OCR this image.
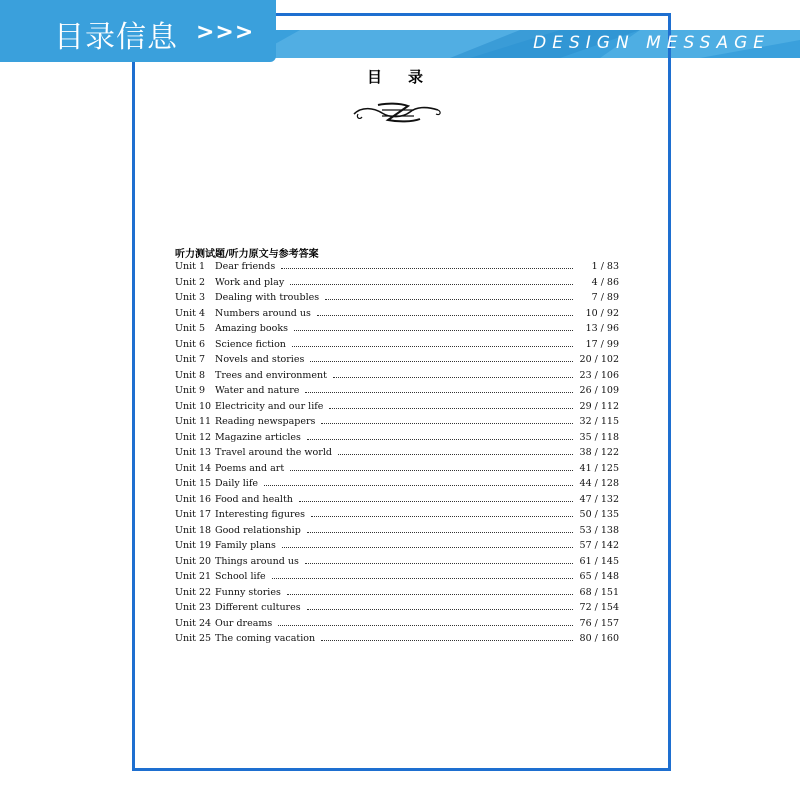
目录信息 >>>	DESIGN MESSAGE
目录
听力测试题/听力原文与参考答案
Unit 1	Dear friends	1 / 83
Unit 2	Work and play	4 / 86
Unit 3	Dealing with troubles	7 / 89
Unit 4	Numbers around us	10 / 92
Unit 5	Amazing books	13 / 96
Unit 6	Science fiction	17 / 99
Unit 7	Novels and stories	20 / 102
Unit 8	Trees and environment	23 / 106
Unit 9	Water and nature	26 / 109
Unit 10 Electricity and our life	29 / 112
Unit 11 Reading newspapers	32 / 115
Unit 12 Magazine articles	35 / 118
Unit 13 Travel around the world	38 / 122
Unit 14 Poems and art	41 / 125
Unit 15 Daily life	44 / 128
Unit 16 Food and health	47 / 132
Unit 17 Interesting figures	50 / 135
Unit 18 Good relationship	53 / 138
Unit 19 Family plans	57 / 142
Unit 20 Things around us	61 / 145
Unit 21 School life	65 / 148
Unit 22 Funny stories	68 / 151
Unit 23 Different cultures	72 / 154
Unit 24 Our dreams	76 / 157
Unit 25 The coming vacation	80 / 160
